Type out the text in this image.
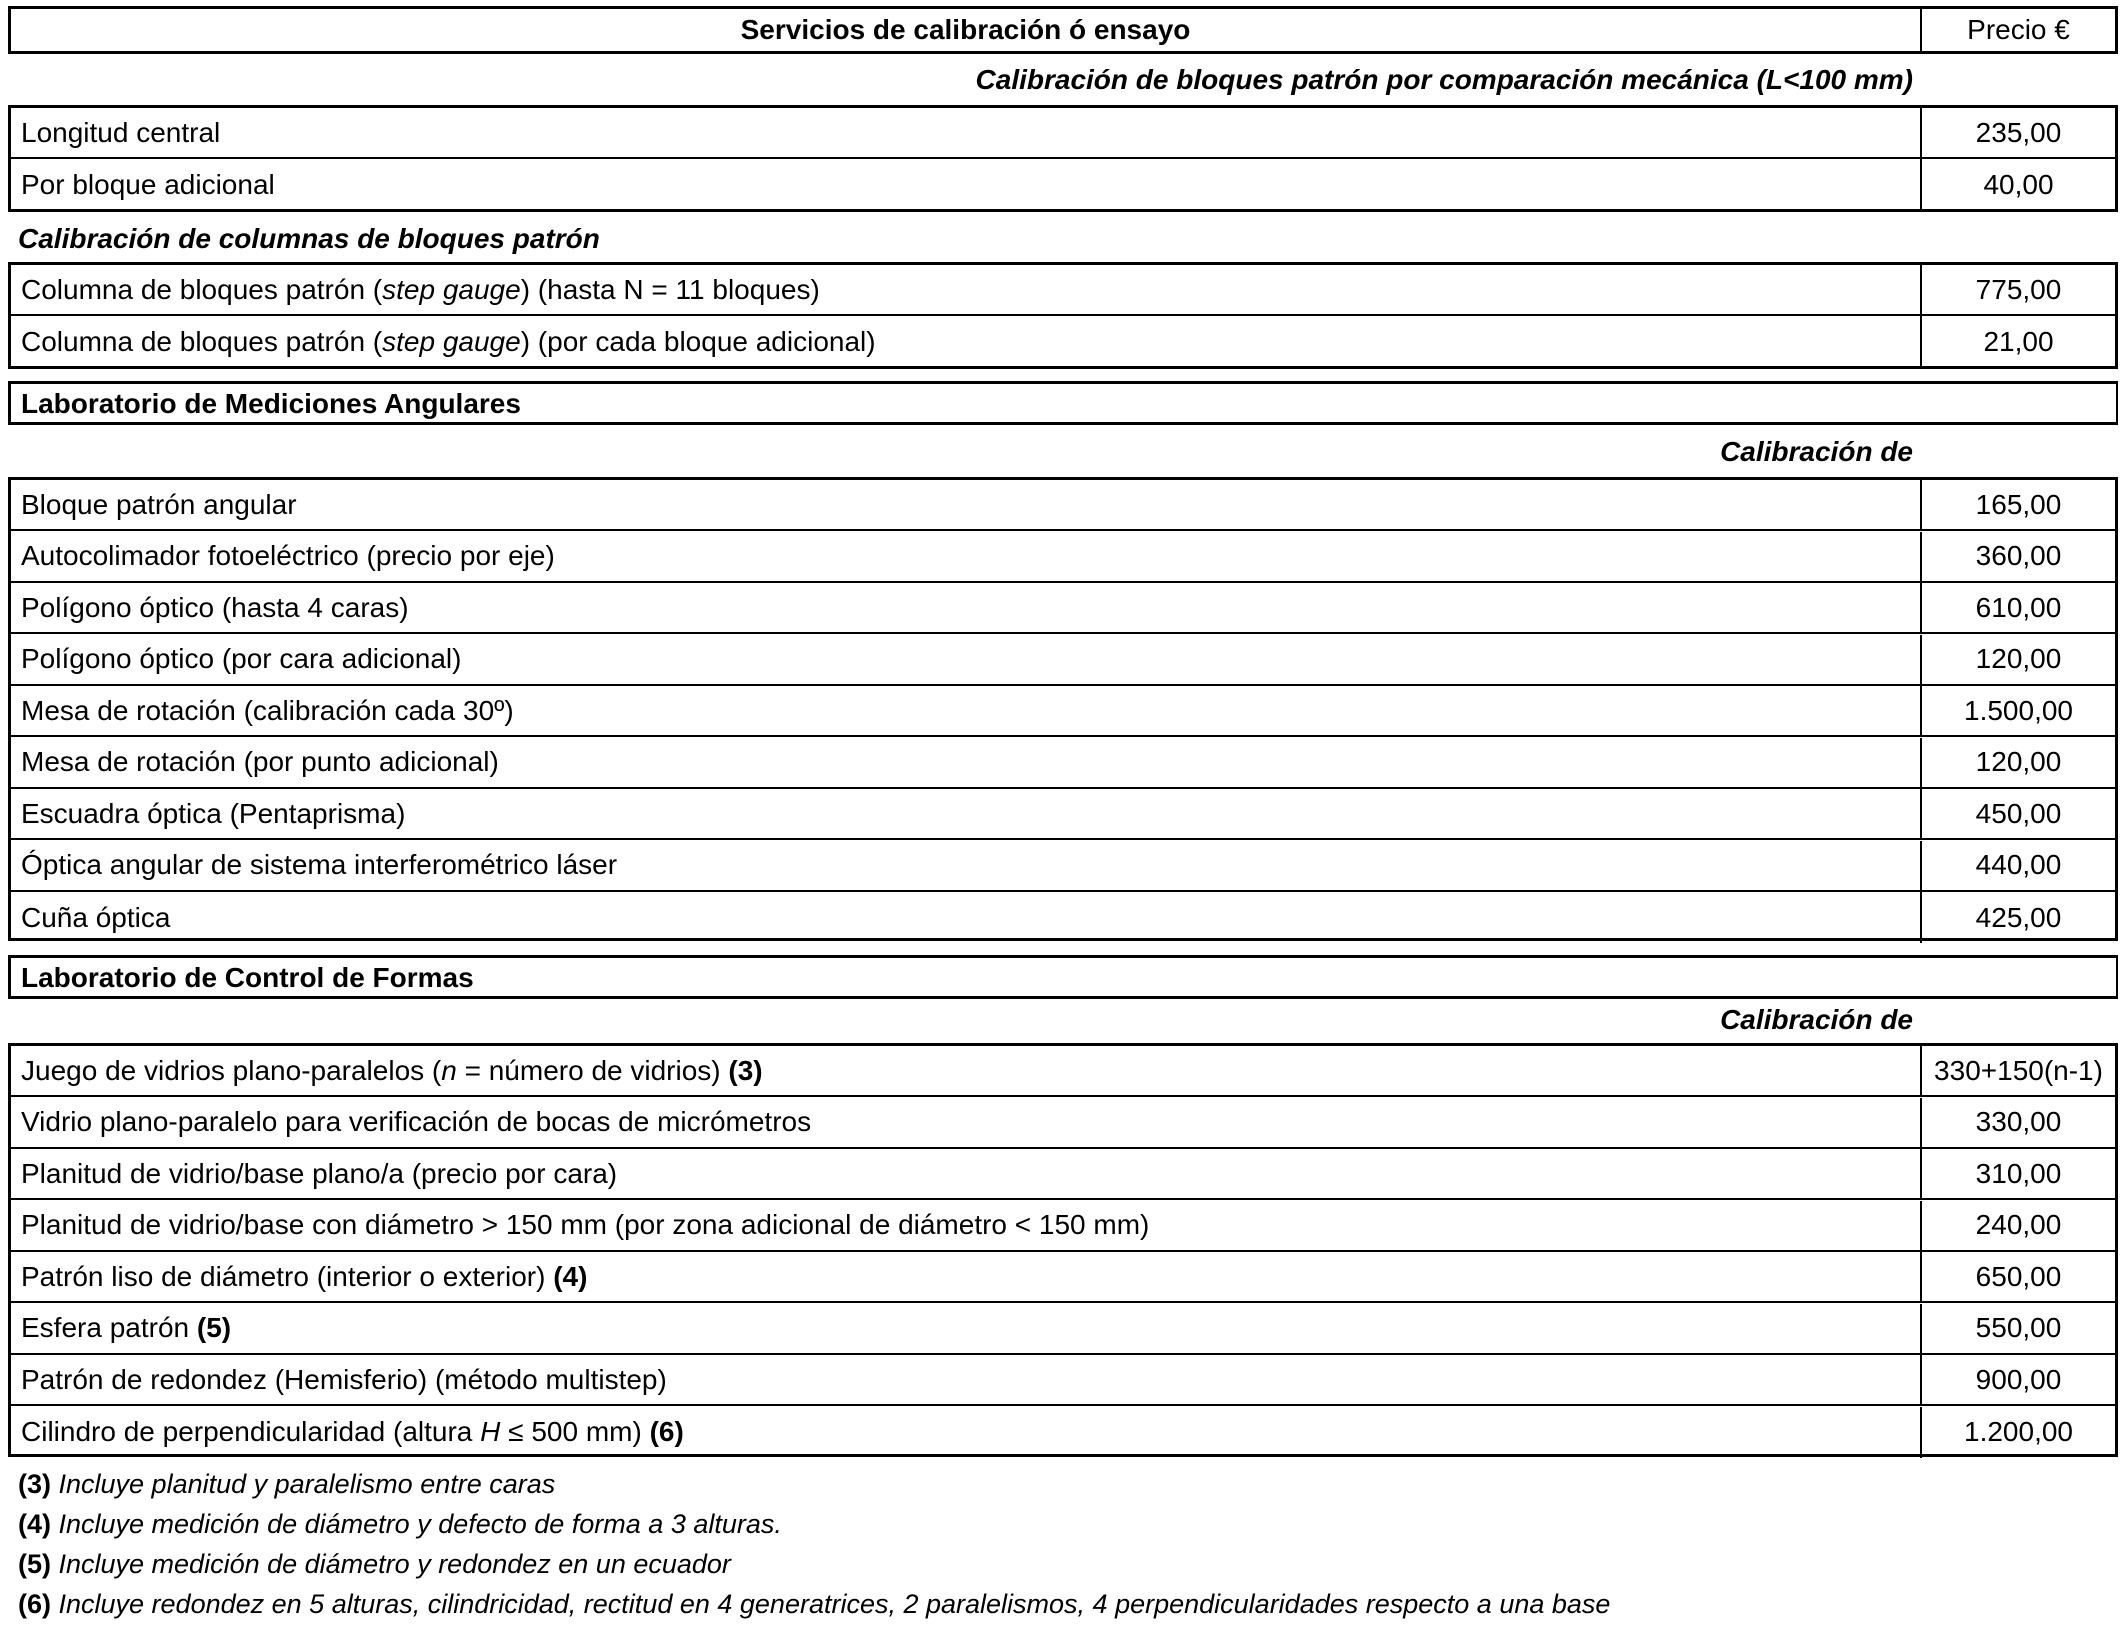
Servicios de calibración ó ensayo	Precio €
Calibración de bloques patrón por comparación mecánica (L<100 mm)
Longitud central	235,00
Por bloque adicional	40,00
Calibración de columnas de bloques patrón
Columna de bloques patrón ( step gauge ) (hasta N = 11 bloques)	775,00
Columna de bloques patrón ( step gauge ) (por cada bloque adicional)	21,00
Laboratorio de Mediciones Angulares
Calibración de
Bloque patrón angular	165,00
Autocolimador fotoeléctrico (precio por eje)	360,00
Polígono óptico (hasta 4 caras)	610,00
Polígono óptico (por cara adicional)	120,00
Mesa de rotación (calibración cada 30º)	1.500,00
Mesa de rotación (por punto adicional)	120,00
Escuadra óptica (Pentaprisma)	450,00
Óptica angular de sistema interferométrico láser	440,00
Cuña óptica	425,00
Laboratorio de Control de Formas
Calibración de
Juego de vidrios plano-paralelos ( n = número de vidrios) (3)	330+150(n-1)
Vidrio plano-paralelo para verificación de bocas de micrómetros	330,00
Planitud de vidrio/base plano/a (precio por cara)	310,00
Planitud de vidrio/base con diámetro > 150 mm (por zona adicional de diámetro < 150 mm)	240,00
Patrón liso de diámetro (interior o exterior) (4)	650,00
Esfera patrón (5)	550,00
Patrón de redondez (Hemisferio) (método multistep)	900,00
Cilindro de perpendicularidad (altura H ≤ 500 mm) (6)	1.200,00
(3) Incluye planitud y paralelismo entre caras
(4) Incluye medición de diámetro y defecto de forma a 3 alturas.
(5) Incluye medición de diámetro y redondez en un ecuador
(6) Incluye redondez en 5 alturas, cilindricidad, rectitud en 4 generatrices, 2 paralelismos, 4 perpendicularidades respecto a una base
